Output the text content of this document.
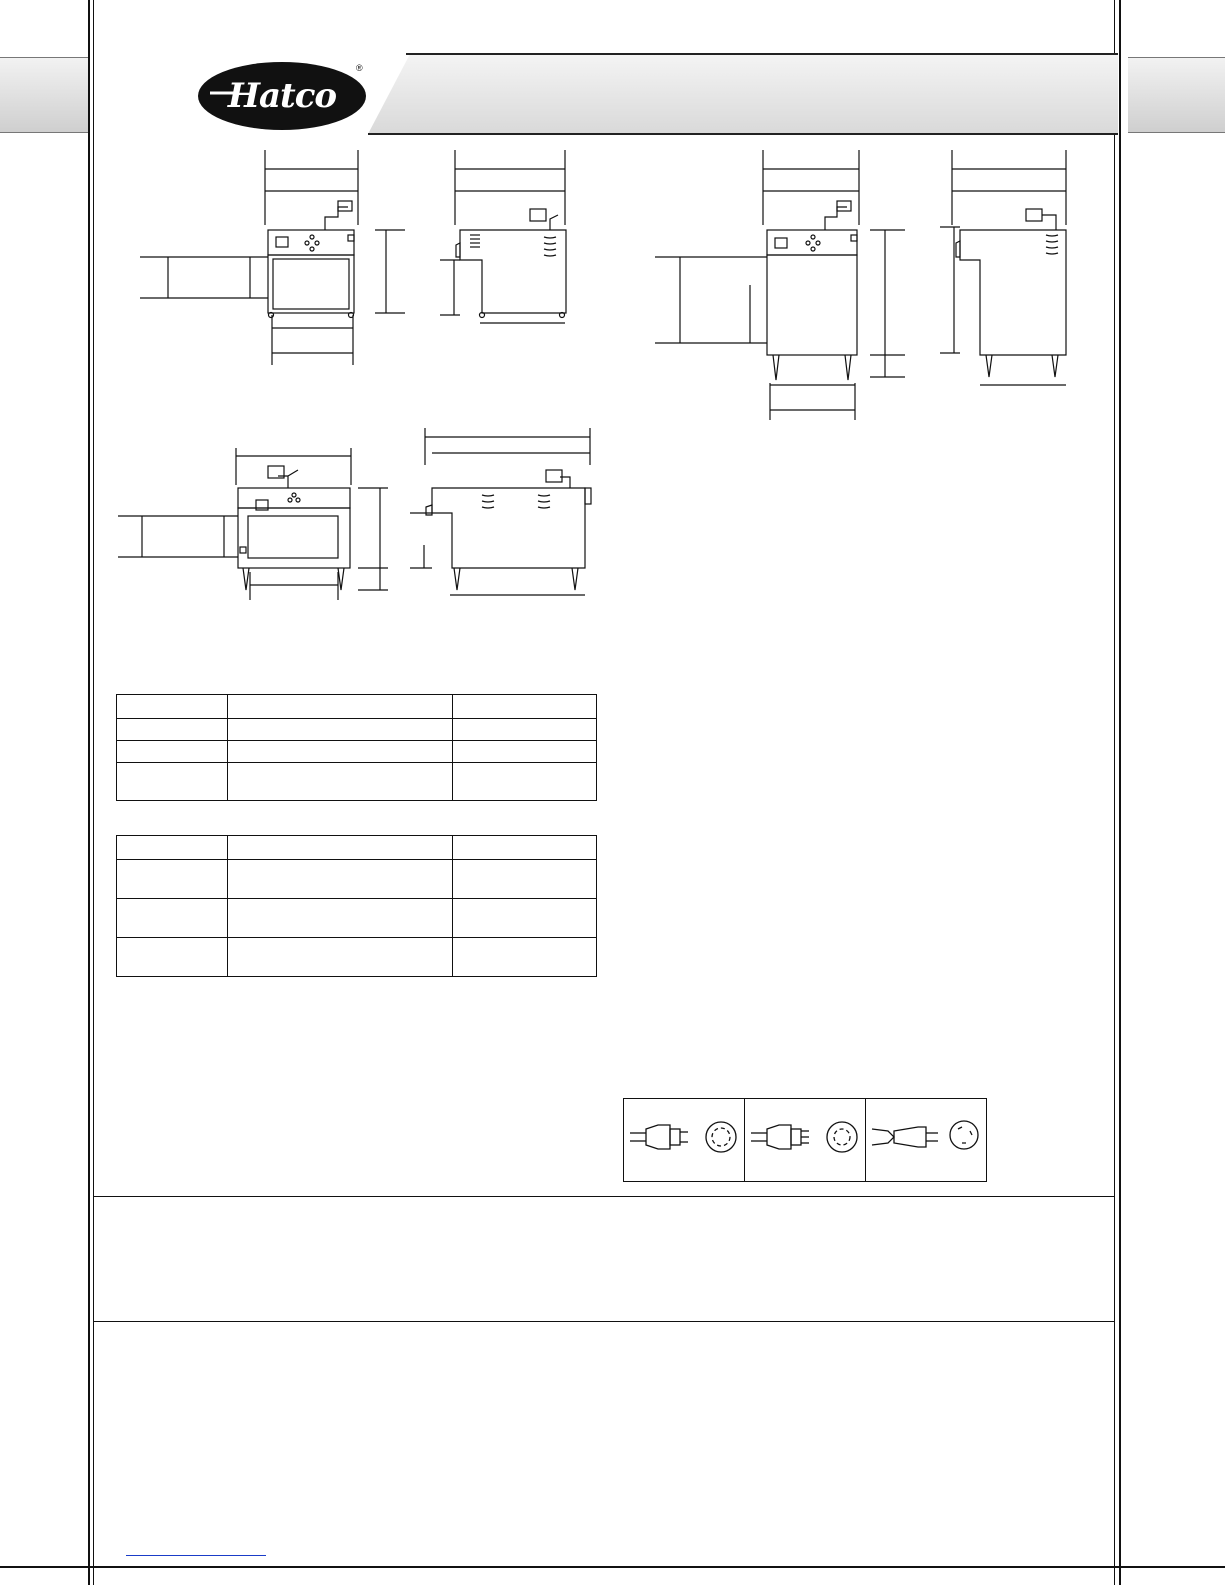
Hatco
®
